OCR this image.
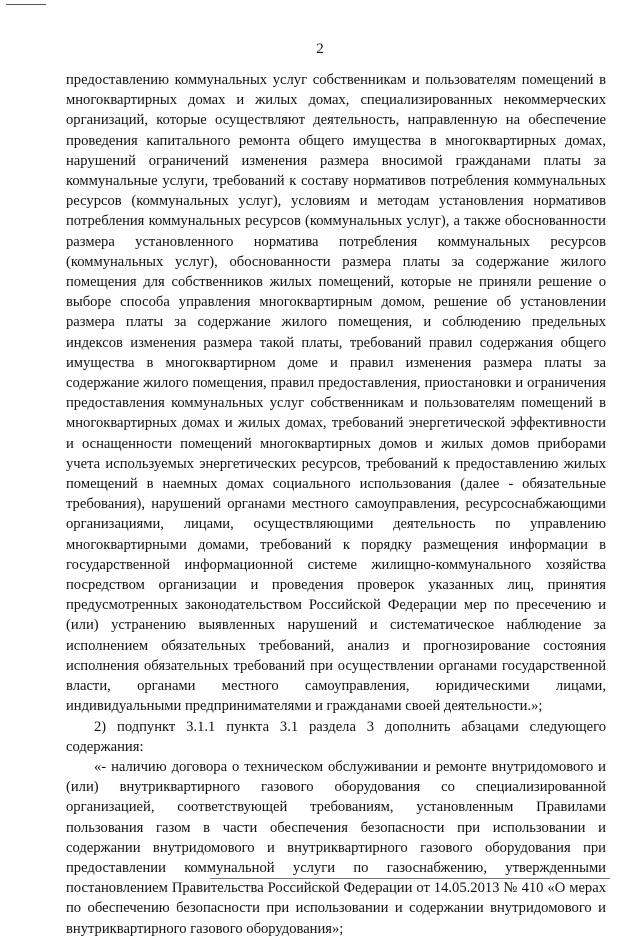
2

предоставлению коммунальных услуг собственникам и пользователям помещений в многоквартирных домах и жилых домах, специализированных некоммерческих организаций, которые осуществляют деятельность, направленную на обеспечение проведения капитального ремонта общего имущества в многоквартирных домах, нарушений ограничений изменения размера вносимой гражданами платы за коммунальные услуги, требований к составу нормативов потребления коммунальных ресурсов (коммунальных услуг), условиям и методам установления нормативов потребления коммунальных ресурсов (коммунальных услуг), а также обоснованности размера установленного норматива потребления коммунальных ресурсов (коммунальных услуг), обоснованности размера платы за содержание жилого помещения для собственников жилых помещений, которые не приняли решение о выборе способа управления многоквартирным домом, решение об установлении размера платы за содержание жилого помещения, и соблюдению предельных индексов изменения размера такой платы, требований правил содержания общего имущества в многоквартирном доме и правил изменения размера платы за содержание жилого помещения, правил предоставления, приостановки и ограничения предоставления коммунальных услуг собственникам и пользователям помещений в многоквартирных домах и жилых домах, требований энергетической эффективности и оснащенности помещений многоквартирных домов и жилых домов приборами учета используемых энергетических ресурсов, требований к предоставлению жилых помещений в наемных домах социального использования (далее - обязательные требования), нарушений органами местного самоуправления, ресурсоснабжающими организациями, лицами, осуществляющими деятельность по управлению многоквартирными домами, требований к порядку размещения информации в государственной информационной системе жилищно-коммунального хозяйства посредством организации и проведения проверок указанных лиц, принятия предусмотренных законодательством Российской Федерации мер по пресечению и (или) устранению выявленных нарушений и систематическое наблюдение за исполнением обязательных требований, анализ и прогнозирование состояния исполнения обязательных требований при осуществлении органами государственной власти, органами местного самоуправления, юридическими лицами, индивидуальными предпринимателями и гражданами своей деятельности.»;

2) подпункт 3.1.1 пункта 3.1 раздела 3 дополнить абзацами следующего содержания:

«- наличию договора о техническом обслуживании и ремонте внутридомового и (или) внутриквартирного газового оборудования со специализированной организацией, соответствующей требованиям, установленным Правилами пользования газом в части обеспечения безопасности при использовании и содержании внутридомового и внутриквартирного газового оборудования при предоставлении коммунальной услуги по газоснабжению, утвержденными постановлением Правительства Российской Федерации от 14.05.2013 № 410 «О мерах по обеспечению безопасности при использовании и содержании внутридомового и внутриквартирного газового оборудования»;
